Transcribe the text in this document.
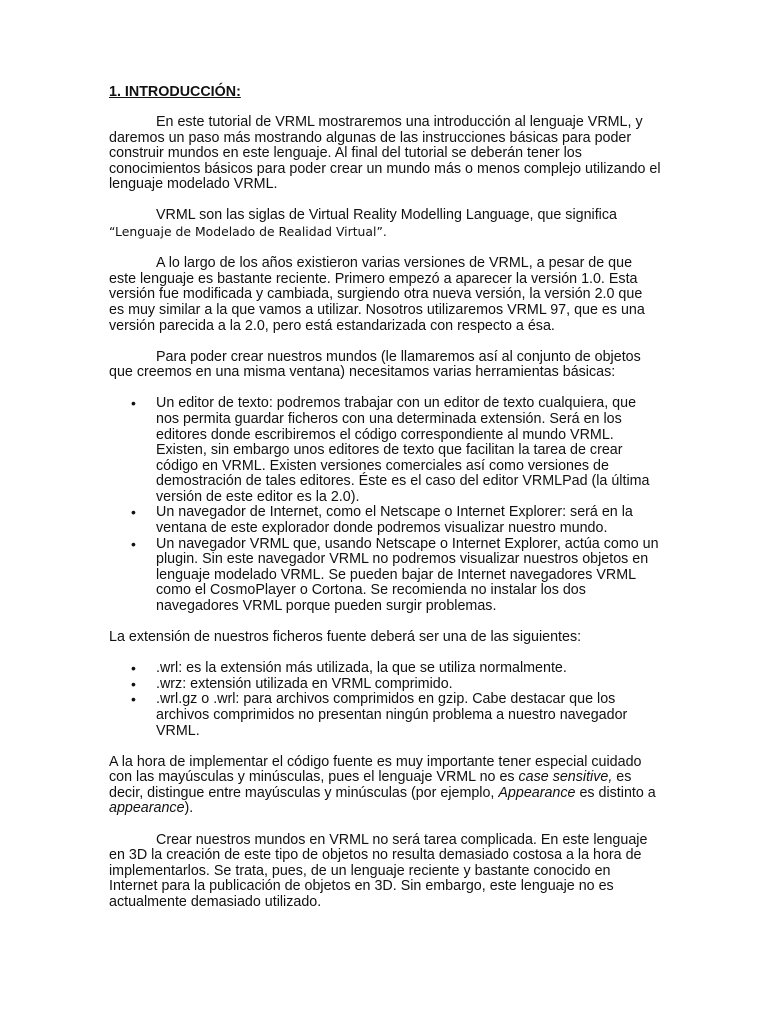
1. INTRODUCCIÓN:

En este tutorial de VRML mostraremos una introducción al lenguaje VRML, y daremos un paso más mostrando algunas de las instrucciones básicas para poder construir mundos en este lenguaje. Al final del tutorial se deberán tener los conocimientos básicos para poder crear un mundo más o menos complejo utilizando el lenguaje modelado VRML.

VRML son las siglas de Virtual Reality Modelling Language, que significa
“Lenguaje de Modelado de Realidad Virtual”.

A lo largo de los años existieron varias versiones de VRML, a pesar de que este lenguaje es bastante reciente. Primero empezó a aparecer la versión 1.0. Esta versión fue modificada y cambiada, surgiendo otra nueva versión, la versión 2.0 que es muy similar a la que vamos a utilizar. Nosotros utilizaremos VRML 97, que es una versión parecida a la 2.0, pero está estandarizada con respecto a ésa.

Para poder crear nuestros mundos (le llamaremos así al conjunto de objetos que creemos en una misma ventana) necesitamos varias herramientas básicas:

• Un editor de texto: podremos trabajar con un editor de texto cualquiera, que nos permita guardar ficheros con una determinada extensión. Será en los editores donde escribiremos el código correspondiente al mundo VRML. Existen, sin embargo unos editores de texto que facilitan la tarea de crear código en VRML. Existen versiones comerciales así como versiones de demostración de tales editores. Éste es el caso del editor VRMLPad (la última versión de este editor es la 2.0).
• Un navegador de Internet, como el Netscape o Internet Explorer: será en la ventana de este explorador donde podremos visualizar nuestro mundo.
• Un navegador VRML que, usando Netscape o Internet Explorer, actúa como un plugin. Sin este navegador VRML no podremos visualizar nuestros objetos en lenguaje modelado VRML. Se pueden bajar de Internet navegadores VRML como el CosmoPlayer o Cortona. Se recomienda no instalar los dos navegadores VRML porque pueden surgir problemas.

La extensión de nuestros ficheros fuente deberá ser una de las siguientes:

• .wrl: es la extensión más utilizada, la que se utiliza normalmente.
• .wrz: extensión utilizada en VRML comprimido.
• .wrl.gz o .wrl: para archivos comprimidos en gzip. Cabe destacar que los archivos comprimidos no presentan ningún problema a nuestro navegador VRML.

A la hora de implementar el código fuente es muy importante tener especial cuidado con las mayúsculas y minúsculas, pues el lenguaje VRML no es case sensitive, es decir, distingue entre mayúsculas y minúsculas (por ejemplo, Appearance es distinto a appearance).

Crear nuestros mundos en VRML no será tarea complicada. En este lenguaje en 3D la creación de este tipo de objetos no resulta demasiado costosa a la hora de implementarlos. Se trata, pues, de un lenguaje reciente y bastante conocido en Internet para la publicación de objetos en 3D. Sin embargo, este lenguaje no es actualmente demasiado utilizado.
